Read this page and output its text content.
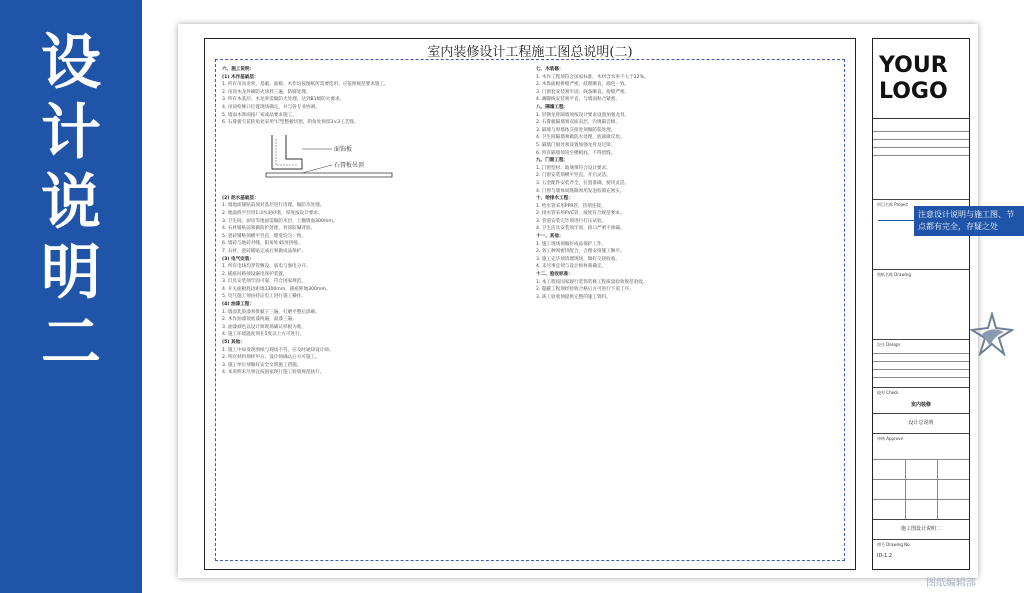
设
计
说
明
二
室内装修设计工程施工图总说明(二)
六、施工说明：
(1) 木作基础层：
1. 所有吊顶龙骨、基础、面板、木作均按图纸所需要选用，应依照规范要求施工。
2. 吊顶木龙骨刷防火涂料三遍，防腐处理。
3. 所有木基层、木龙骨需做防火处理，达到B1级防火要求。
4. 吊顶检修口位置现场确定，并与各专业协调。
5. 墙面木饰面按厂家成品要求施工。
6. 石膏板天花转角处采用“L”型整板切割，阴角处预留3×3工艺缝。
面饰板
石膏板吊顶
(2) 泥水基础层：
1. 墙地面铺贴前须对基层进行清理，做防水处理。
2. 地面找平层用1:3水泥砂浆，厚度按设计要求。
3. 卫生间、厨房等地面需做防水层，上翻墙面300mm。
4. 石材铺贴前须做防护处理，背涂防碱背胶。
5. 瓷砖铺贴须横平竖直，缝宽均匀一致。
6. 墙砖与地砖对缝，阳角处45度拼接。
7. 石材、瓷砖铺贴完成后须做成品保护。
(3) 电气安装：
1. 所有电线均穿管敷设，弱电与强电分开。
2. 插座回路须设漏电保护装置。
3. 灯具安装须牢固可靠，符合国家规范。
4. 开关面板底边距地1300mm，插座距地300mm。
5. 电气施工须由持证电工进行施工操作。
(4) 油漆工程：
1. 墙面乳胶漆须批腻子三遍，打磨平整后涂刷。
2. 木作油漆须底漆两遍，面漆三遍。
3. 油漆颜色以设计师现场确认样板为准。
4. 施工环境温度须在5度以上方可进行。
(5) 其他：
1. 施工中如发现图纸与现场不符，应及时通知设计师。
2. 所有材料须经甲方、设计师确认后方可施工。
3. 施工单位须做好安全文明施工措施。
4. 本说明未尽事宜按国家现行施工验收规范执行。
七、木装修：
1. 木作工程须符合国家标准，木材含水率不大于12%。
2. 木饰面板拼缝严密，纹理顺直，颜色一致。
3. 门窗套安装须牢固，线条顺直，接缝严密。
4. 踢脚线安装须平直，与墙面贴合紧密。
八、隔墙工程：
1. 轻钢龙骨隔墙须按设计要求设置加强龙骨。
2. 石膏板隔墙须双面双层，内填隔音棉。
3. 隔墙与原墙体交接处须做防裂处理。
4. 卫生间隔墙须做防水处理，底部做反坎。
5. 隔墙门洞处须设置加强龙骨及过梁。
6. 所有隔墙须顶至楼板底，不得留缝。
九、门窗工程：
1. 门窗型材、玻璃须符合设计要求。
2. 门窗安装须横平竖直，开启灵活。
3. 五金配件安装齐全，位置准确，使用灵活。
4. 门窗与墙体间缝隙须用发泡胶填充密实。
十、给排水工程：
1. 给水管采用PPR管，热熔连接。
2. 排水管采用PVC管，坡度符合规范要求。
3. 管道安装完毕须进行打压试验。
4. 卫生洁具安装须牢固，接口严密不渗漏。
十一、其他：
1. 施工现场须做好成品保护工作。
2. 各工种须密切配合，合理安排施工顺序。
3. 施工完毕须清理现场，做好交接验收。
4. 未尽事宜须与设计师协商确定。
十二、验收标准：
1. 本工程按国家现行装饰装修工程质量验收规范验收。
2. 隐蔽工程须经验收合格后方可进行下道工序。
3. 竣工验收须提供完整的施工资料。
YOUR
LOGO
项目名称 Project
图纸名称 Drawing
设计 Design
校对 Check
室内装修
设计总说明
审核 Approve
施工图设计说明二
图号 Drawing No.
ID-1.2
注意设计说明与施工图、节点都有完全，存疑之处
图纸编辑部
